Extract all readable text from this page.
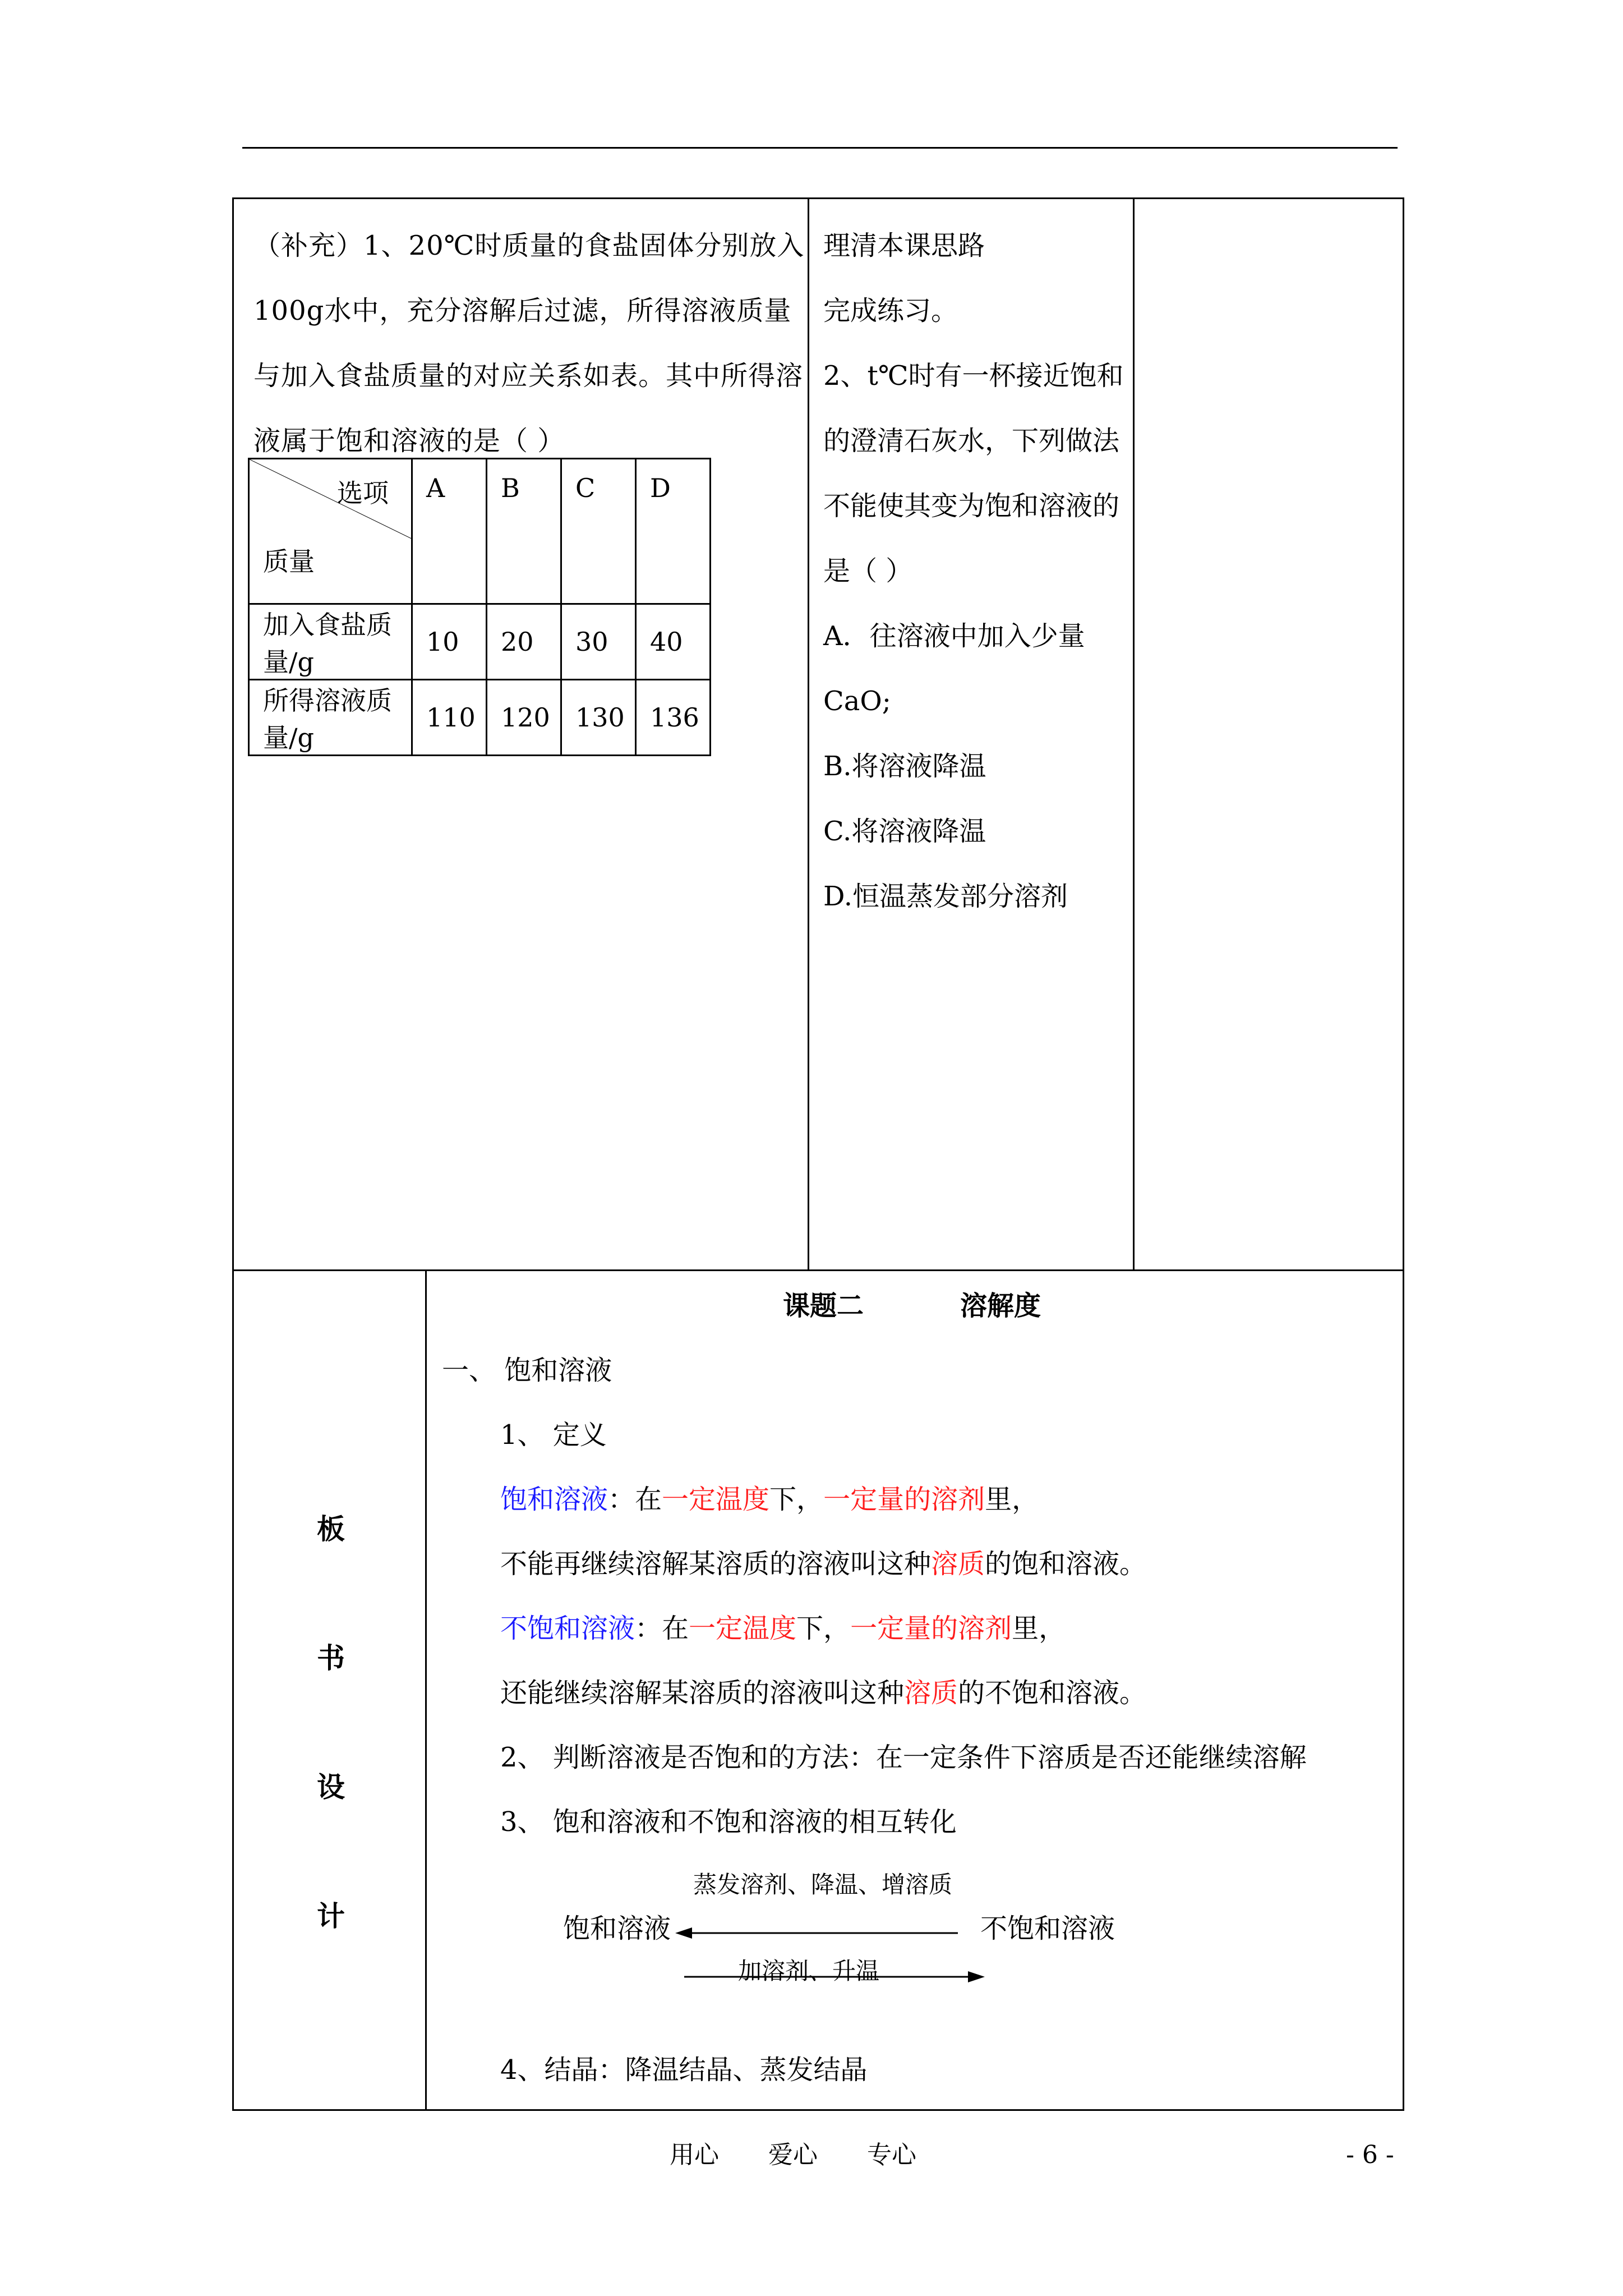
（补充）1、20℃时质量的食盐固体分别放入100g水中，充分溶解后过滤，所得溶液质量与加入食盐质量的对应关系如表。其中所得溶液属于饱和溶液的是（ ）
选项
质量	A	B	C	D
加入食盐质量/g	10	20	30	40
所得溶液质量/g	110	120	130	136
理清本课思路
完成练习。
2、t℃时有一杯接近饱和的澄清石灰水，下列做法不能使其变为饱和溶液的是（ ）
A．往溶液中加入少量CaO;
B.将溶液降温
C.将溶液降温
D.恒温蒸发部分溶剂
板
书
设
计
课题二	溶解度
一、 饱和溶液
1、 定义
饱和溶液：在一定温度下，一定量的溶剂里，
不能再继续溶解某溶质的溶液叫这种溶质的饱和溶液。
不饱和溶液：在一定温度下，一定量的溶剂里，
还能继续溶解某溶质的溶液叫这种溶质的不饱和溶液。
2、 判断溶液是否饱和的方法：在一定条件下溶质是否还能继续溶解
3、 饱和溶液和不饱和溶液的相互转化
蒸发溶剂、降温、增溶质
饱和溶液	不饱和溶液
加溶剂、升温
4、结晶：降温结晶、蒸发结晶
用心　　爱心　　专心	- 6 -
